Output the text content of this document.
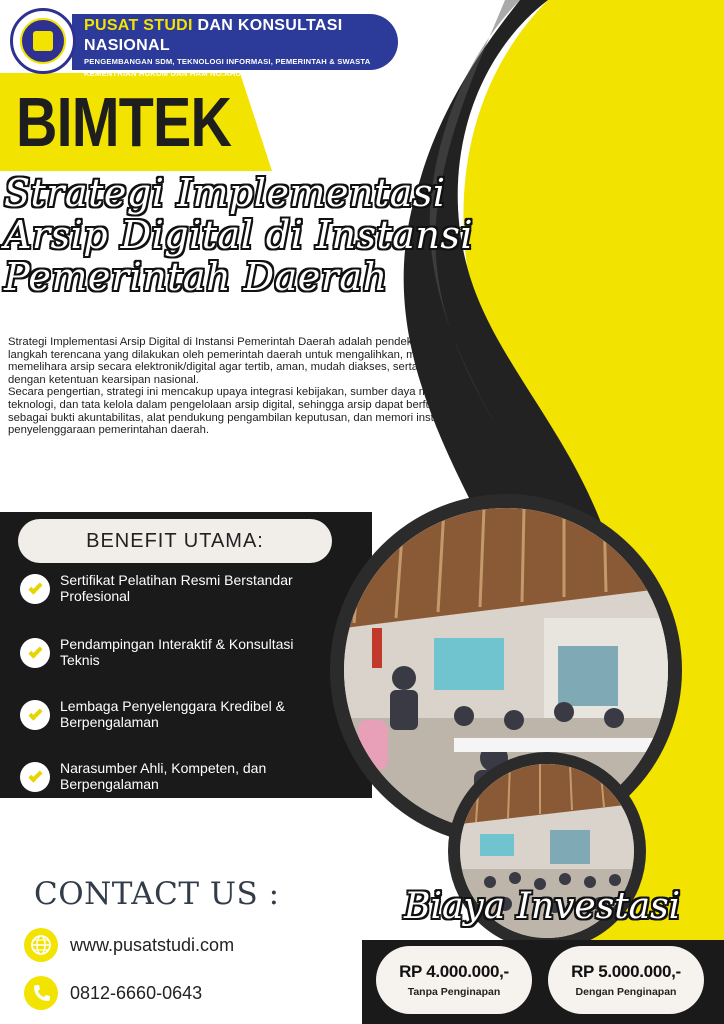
PUSAT STUDI DAN KONSULTASI NASIONAL
PENGEMBANGAN SDM, TEKNOLOGI INFORMASI, PEMERINTAH & SWASTA
KEMENTRIAN HUKUM DAN HAM NO.AHU-0050406.01.01 TAHUN 2023
BIMTEK
Strategi Implementasi
Arsip Digital di Instansi
Pemerintah Daerah

Strategi Implementasi Arsip Digital di Instansi Pemerintah Daerah adalah pendekatan dan langkah terencana yang dilakukan oleh pemerintah daerah untuk mengalihkan, mengelola, dan memelihara arsip secara elektronik/digital agar tertib, aman, mudah diakses, serta sesuai dengan ketentuan kearsipan nasional.

Secara pengertian, strategi ini mencakup upaya integrasi kebijakan, sumber daya manusia, teknologi, dan tata kelola dalam pengelolaan arsip digital, sehingga arsip dapat berfungsi sebagai bukti akuntabilitas, alat pendukung pengambilan keputusan, dan memori institusi dalam penyelenggaraan pemerintahan daerah.

BENEFIT UTAMA:
Sertifikat Pelatihan Resmi Berstandar Profesional
Pendampingan Interaktif & Konsultasi Teknis
Lembaga Penyelenggara Kredibel & Berpengalaman
Narasumber Ahli, Kompeten, dan Berpengalaman
CONTACT US :
www.pusatstudi.com
0812-6660-0643
Biaya Investasi
RP 4.000.000,-
Tanpa Penginapan
RP 5.000.000,-
Dengan Penginapan
